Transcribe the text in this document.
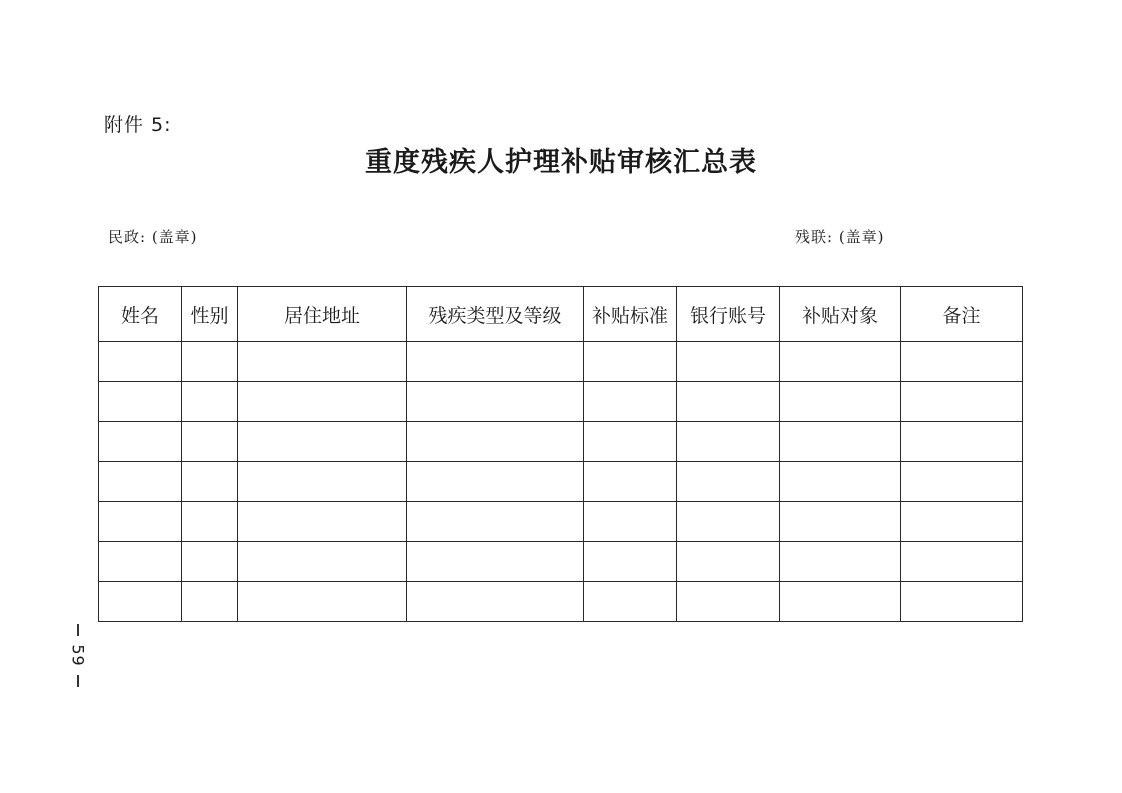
附件 5:
重度残疾人护理补贴审核汇总表
民政: (盖章)	残联: (盖章)
姓名	性别	居住地址	残疾类型及等级	补贴标准	银行账号	补贴对象	备注

59
